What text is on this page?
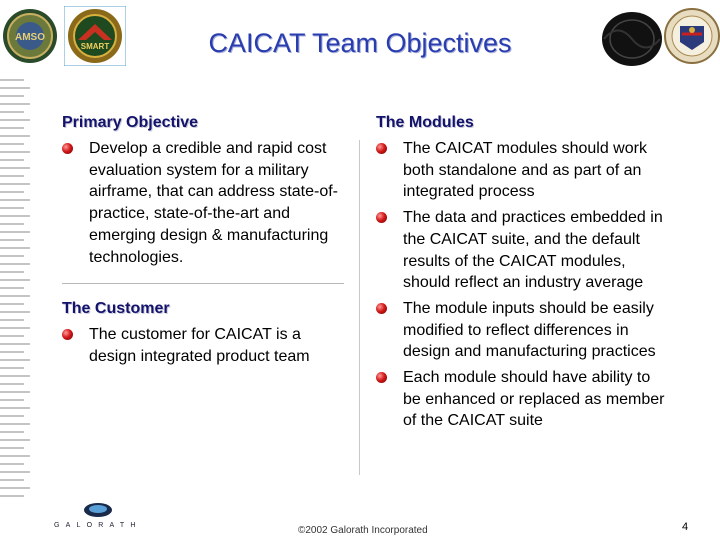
AMSO
SMART	CAICAT Team Objectives
Primary Objective
Develop a credible and rapid cost evaluation system for a military airframe, that can address state-of-practice, state-of-the-art and emerging design & manufacturing technologies.
The Customer
The customer for CAICAT is a design integrated product team
The Modules
The CAICAT modules should work both standalone and as part of an integrated process
The data and practices embedded in the CAICAT suite, and the default results of the CAICAT modules, should reflect an industry average
The module inputs should be easily modified to reflect differences in design and manufacturing practices
Each module should have ability to be enhanced or replaced as member of the CAICAT suite
GALORATH	©2002 Galorath Incorporated	4
